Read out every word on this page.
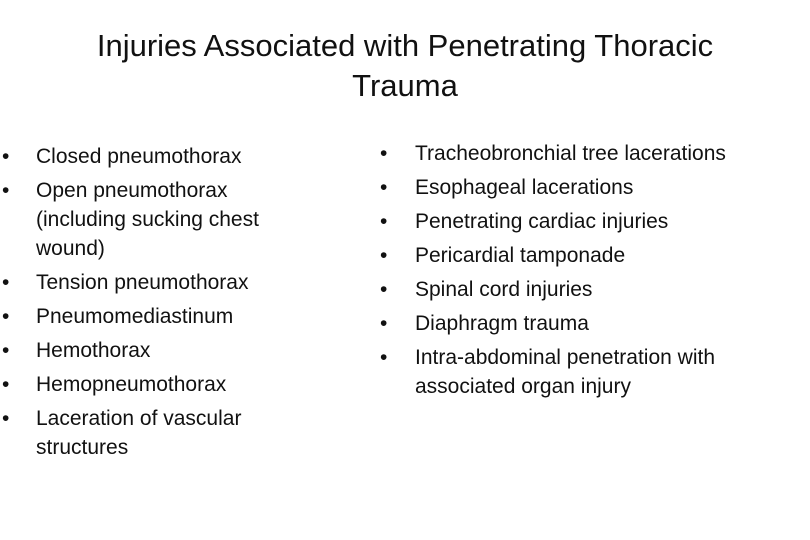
Injuries Associated with Penetrating Thoracic
Trauma
•	Closed pneumothorax
•	Open pneumothorax (including sucking chest wound)
•	Tension pneumothorax
•	Pneumomediastinum
•	Hemothorax
•	Hemopneumothorax
•	Laceration of vascular structures
•	Tracheobronchial tree lacerations
•	Esophageal lacerations
•	Penetrating cardiac injuries
•	Pericardial tamponade
•	Spinal cord injuries
•	Diaphragm trauma
•	Intra-abdominal penetration with associated organ injury
